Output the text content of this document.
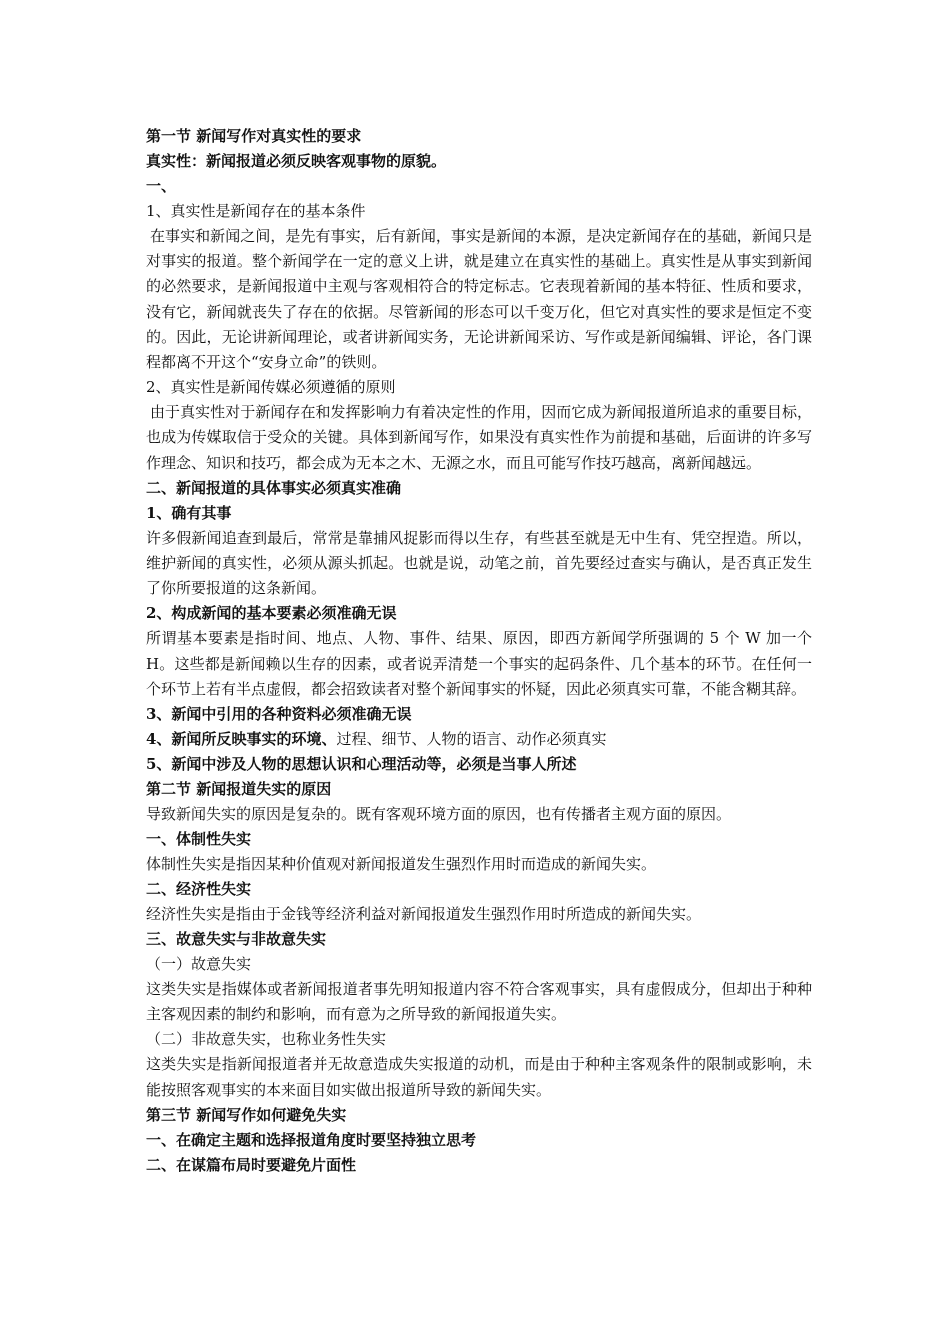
第一节 新闻写作对真实性的要求

真实性：新闻报道必须反映客观事物的原貌。

一、

1、真实性是新闻存在的基本条件

在事实和新闻之间，是先有事实，后有新闻，事实是新闻的本源，是决定新闻存在的基础，新闻只是对事实的报道。整个新闻学在一定的意义上讲，就是建立在真实性的基础上。真实性是从事实到新闻的必然要求，是新闻报道中主观与客观相符合的特定标志。它表现着新闻的基本特征、性质和要求，没有它，新闻就丧失了存在的依据。尽管新闻的形态可以千变万化，但它对真实性的要求是恒定不变的。因此，无论讲新闻理论，或者讲新闻实务，无论讲新闻采访、写作或是新闻编辑、评论，各门课程都离不开这个“安身立命”的铁则。

2、真实性是新闻传媒必须遵循的原则

由于真实性对于新闻存在和发挥影响力有着决定性的作用，因而它成为新闻报道所追求的重要目标，也成为传媒取信于受众的关键。具体到新闻写作，如果没有真实性作为前提和基础，后面讲的许多写作理念、知识和技巧，都会成为无本之木、无源之水，而且可能写作技巧越高，离新闻越远。

二、新闻报道的具体事实必须真实准确

1、确有其事

许多假新闻追查到最后，常常是靠捕风捉影而得以生存，有些甚至就是无中生有、凭空捏造。所以，维护新闻的真实性，必须从源头抓起。也就是说，动笔之前，首先要经过查实与确认，是否真正发生了你所要报道的这条新闻。

2、构成新闻的基本要素必须准确无误

所谓基本要素是指时间、地点、人物、事件、结果、原因，即西方新闻学所强调的 5 个 W 加一个 H。这些都是新闻赖以生存的因素，或者说弄清楚一个事实的起码条件、几个基本的环节。在任何一个环节上若有半点虚假，都会招致读者对整个新闻事实的怀疑，因此必须真实可靠，不能含糊其辞。

3、新闻中引用的各种资料必须准确无误

4、新闻所反映事实的环境、过程、细节、人物的语言、动作必须真实

5、新闻中涉及人物的思想认识和心理活动等，必须是当事人所述

第二节 新闻报道失实的原因

导致新闻失实的原因是复杂的。既有客观环境方面的原因，也有传播者主观方面的原因。

一、体制性失实

体制性失实是指因某种价值观对新闻报道发生强烈作用时而造成的新闻失实。

二、经济性失实

经济性失实是指由于金钱等经济利益对新闻报道发生强烈作用时所造成的新闻失实。

三、故意失实与非故意失实

（一）故意失实

这类失实是指媒体或者新闻报道者事先明知报道内容不符合客观事实，具有虚假成分，但却出于种种主客观因素的制约和影响，而有意为之所导致的新闻报道失实。

（二）非故意失实，也称业务性失实

这类失实是指新闻报道者并无故意造成失实报道的动机，而是由于种种主客观条件的限制或影响，未能按照客观事实的本来面目如实做出报道所导致的新闻失实。

第三节 新闻写作如何避免失实

一、在确定主题和选择报道角度时要坚持独立思考

二、在谋篇布局时要避免片面性
